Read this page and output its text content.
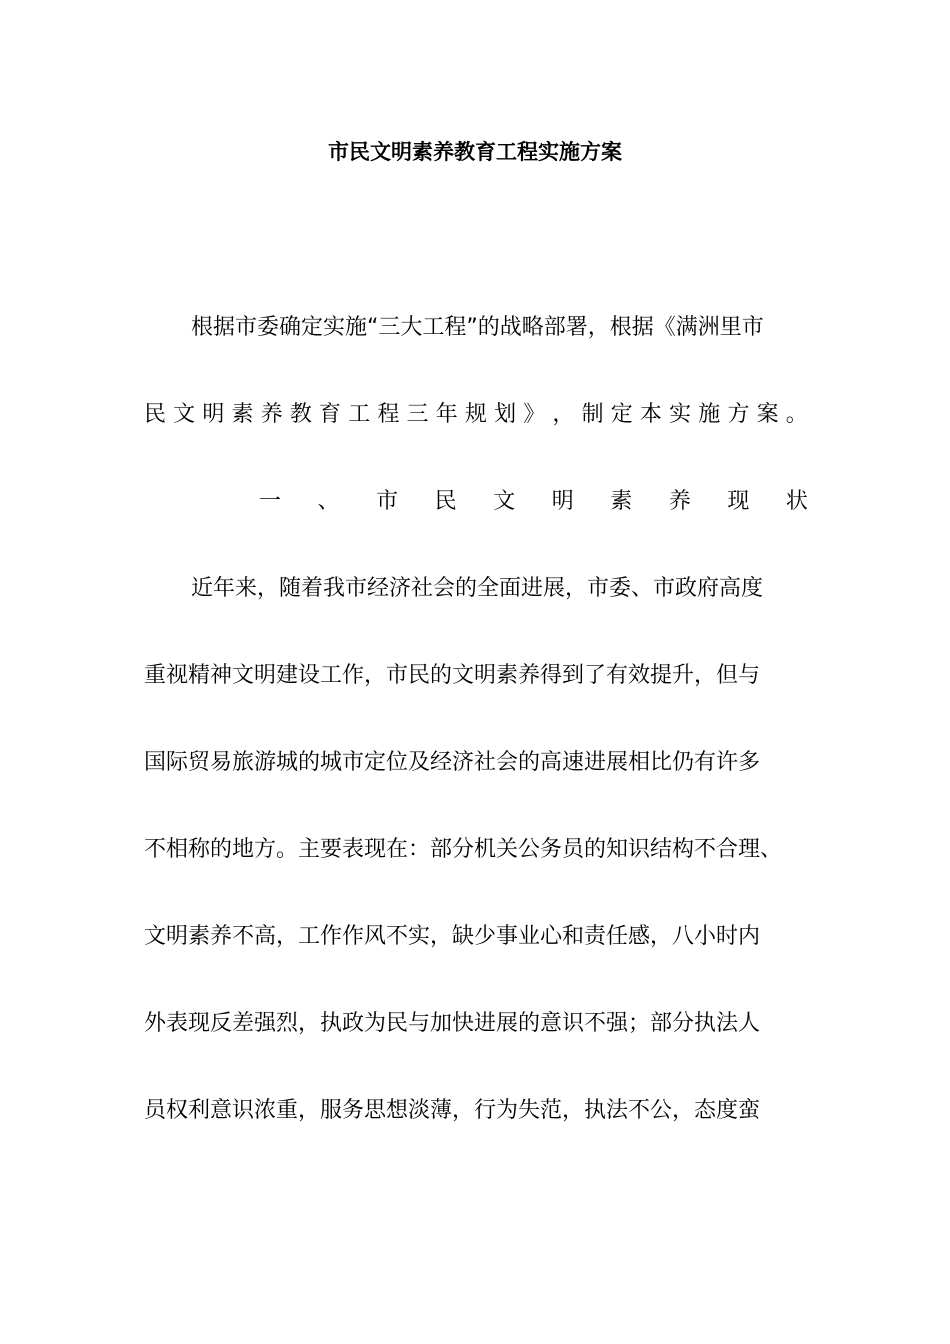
市民文明素养教育工程实施方案
根据市委确定实施“三大工程”的战略部署，根据《满洲里市
民 文 明 素 养 教 育 工 程 三 年 规 划 》 ， 制 定 本 实 施 方 案 。
一 、 市 民 文 明 素 养 现 状
近年来，随着我市经济社会的全面进展，市委、市政府高度
重视精神文明建设工作，市民的文明素养得到了有效提升，但与
国际贸易旅游城的城市定位及经济社会的高速进展相比仍有许多
不相称的地方。主要表现在：部分机关公务员的知识结构不合理、
文明素养不高，工作作风不实，缺少事业心和责任感，八小时内
外表现反差强烈，执政为民与加快进展的意识不强；部分执法人
员权利意识浓重，服务思想淡薄，行为失范，执法不公，态度蛮
